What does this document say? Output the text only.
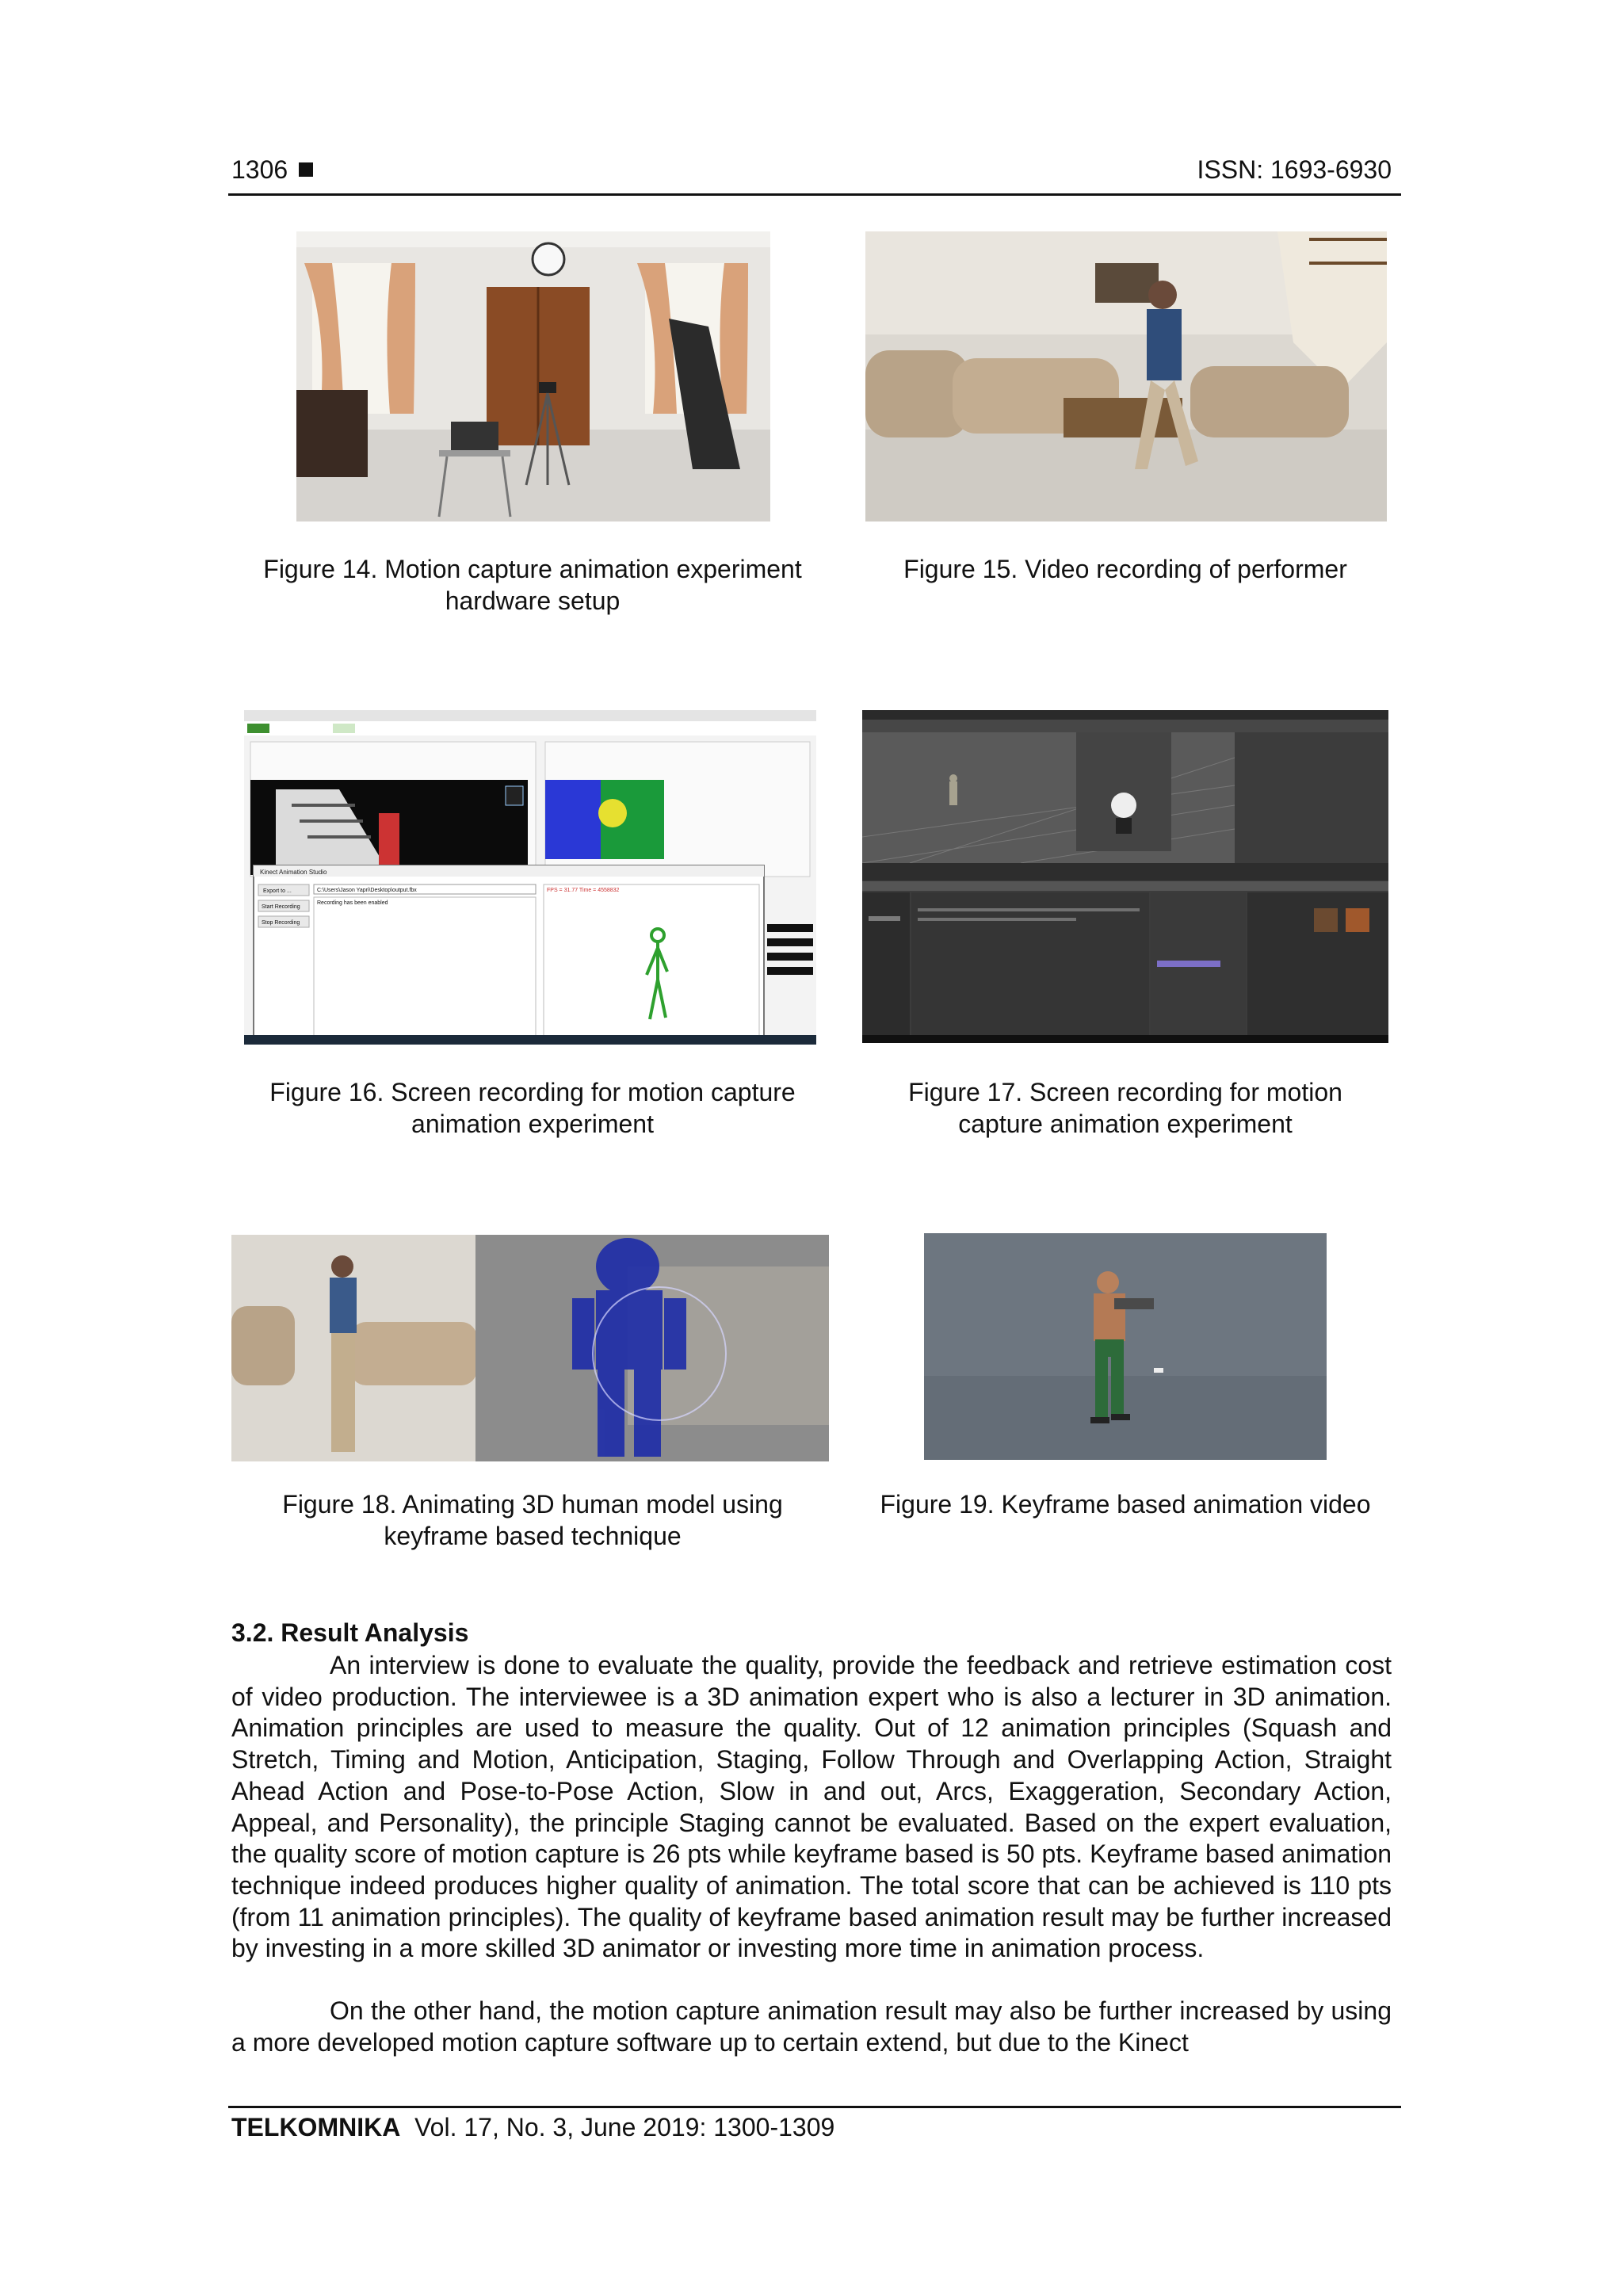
1306	ISSN: 1693-6930
Figure 14. Motion capture animation experiment hardware setup
Figure 15. Video recording of performer
Kinect Animation Studio
Export to ...
Start Recording
Stop Recording
C:\Users\Jason Yapri\Desktop\output.fbx
Recording has been enabled
FPS = 31.77 Time = 4558832
Figure 16. Screen recording for motion capture animation experiment
Figure 17. Screen recording for motion capture animation experiment
Figure 18. Animating 3D human model using keyframe based technique
Figure 19. Keyframe based animation video
3.2. Result Analysis
An interview is done to evaluate the quality, provide the feedback and retrieve estimation cost of video production. The interviewee is a 3D animation expert who is also a lecturer in 3D animation. Animation principles are used to measure the quality. Out of 12 animation principles (Squash and Stretch, Timing and Motion, Anticipation, Staging, Follow Through and Overlapping Action, Straight Ahead Action and Pose-to-Pose Action, Slow in and out, Arcs, Exaggeration, Secondary Action, Appeal, and Personality), the principle Staging cannot be evaluated. Based on the expert evaluation, the quality score of motion capture is 26 pts while keyframe based is 50 pts. Keyframe based animation technique indeed produces higher quality of animation. The total score that can be achieved is 110 pts (from 11 animation principles). The quality of keyframe based animation result may be further increased by investing in a more skilled 3D animator or investing more time in animation process.
On the other hand, the motion capture animation result may also be further increased by using a more developed motion capture software up to certain extend, but due to the Kinect
TELKOMNIKA Vol. 17, No. 3, June 2019: 1300-1309
